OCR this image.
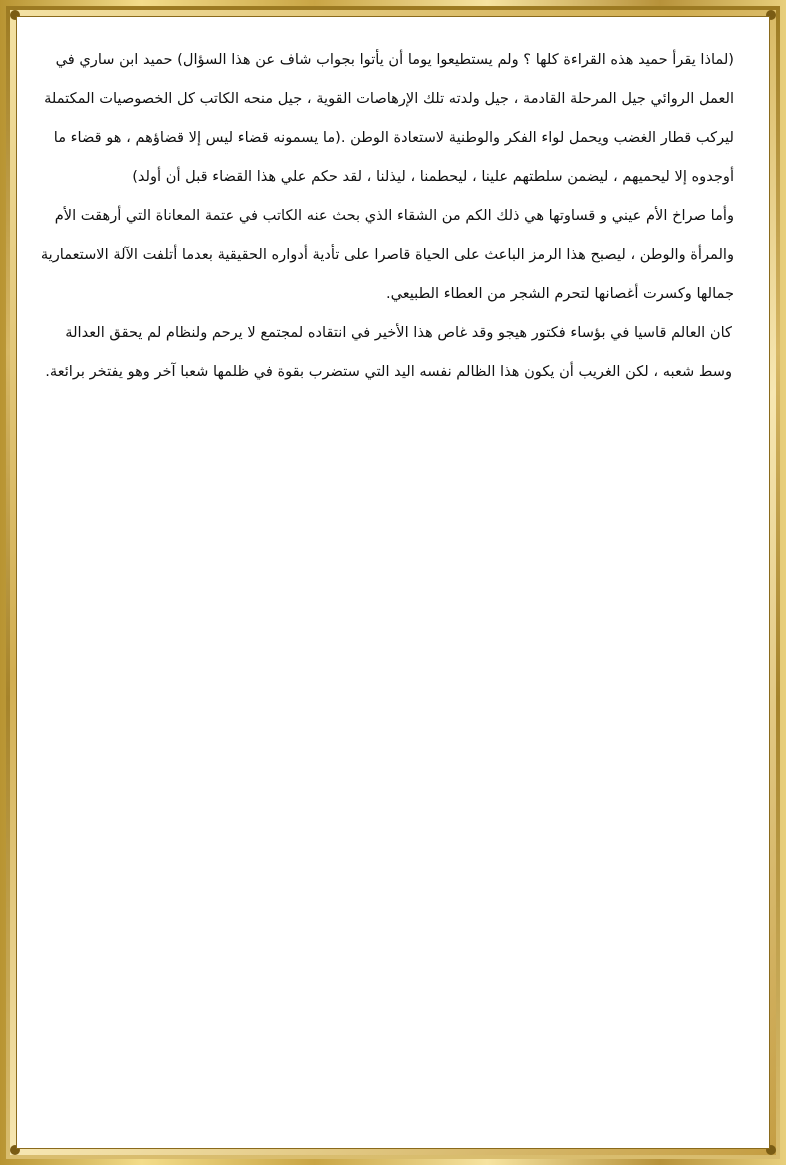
(لماذا يقرأ حميد هذه القراءة كلها ؟ ولم يستطيعوا يوما أن يأتوا بجواب شاف عن هذا السؤال) حميد ابن ساري في العمل الروائي جيل المرحلة القادمة ، جيل ولدته تلك الإرهاصات القوية ، جيل منحه الكاتب كل الخصوصيات المكتملة ليركب قطار الغضب ويحمل لواء الفكر والوطنية لاستعادة الوطن .(ما يسمونه قضاء ليس إلا قضاؤهم ، هو قضاء ما أوجدوه إلا ليحميهم ، ليضمن سلطتهم علينا ، ليحطمنا ، ليذلنا ، لقد حكم علي هذا القضاء قبل أن أولد)

وأما صراخ الأم عيني و قساوتها هي ذلك الكم من الشقاء الذي بحث عنه الكاتب في عتمة المعاناة التي أرهقت الأم والمرأة والوطن ، ليصبح هذا الرمز الباعث على الحياة قاصرا على تأدية أدواره الحقيقية بعدما أتلفت الآلة الاستعمارية جمالها وكسرت أغصانها لتحرم الشجر من العطاء الطبيعي.

كان العالم قاسيا في بؤساء فكتور هيجو وقد غاص هذا الأخير في انتقاده لمجتمع لا يرحم ولنظام لم يحقق العدالة وسط شعبه ، لكن الغريب أن يكون هذا الظالم نفسه اليد التي ستضرب بقوة في ظلمها شعبا آخر وهو يفتخر برائعة.
